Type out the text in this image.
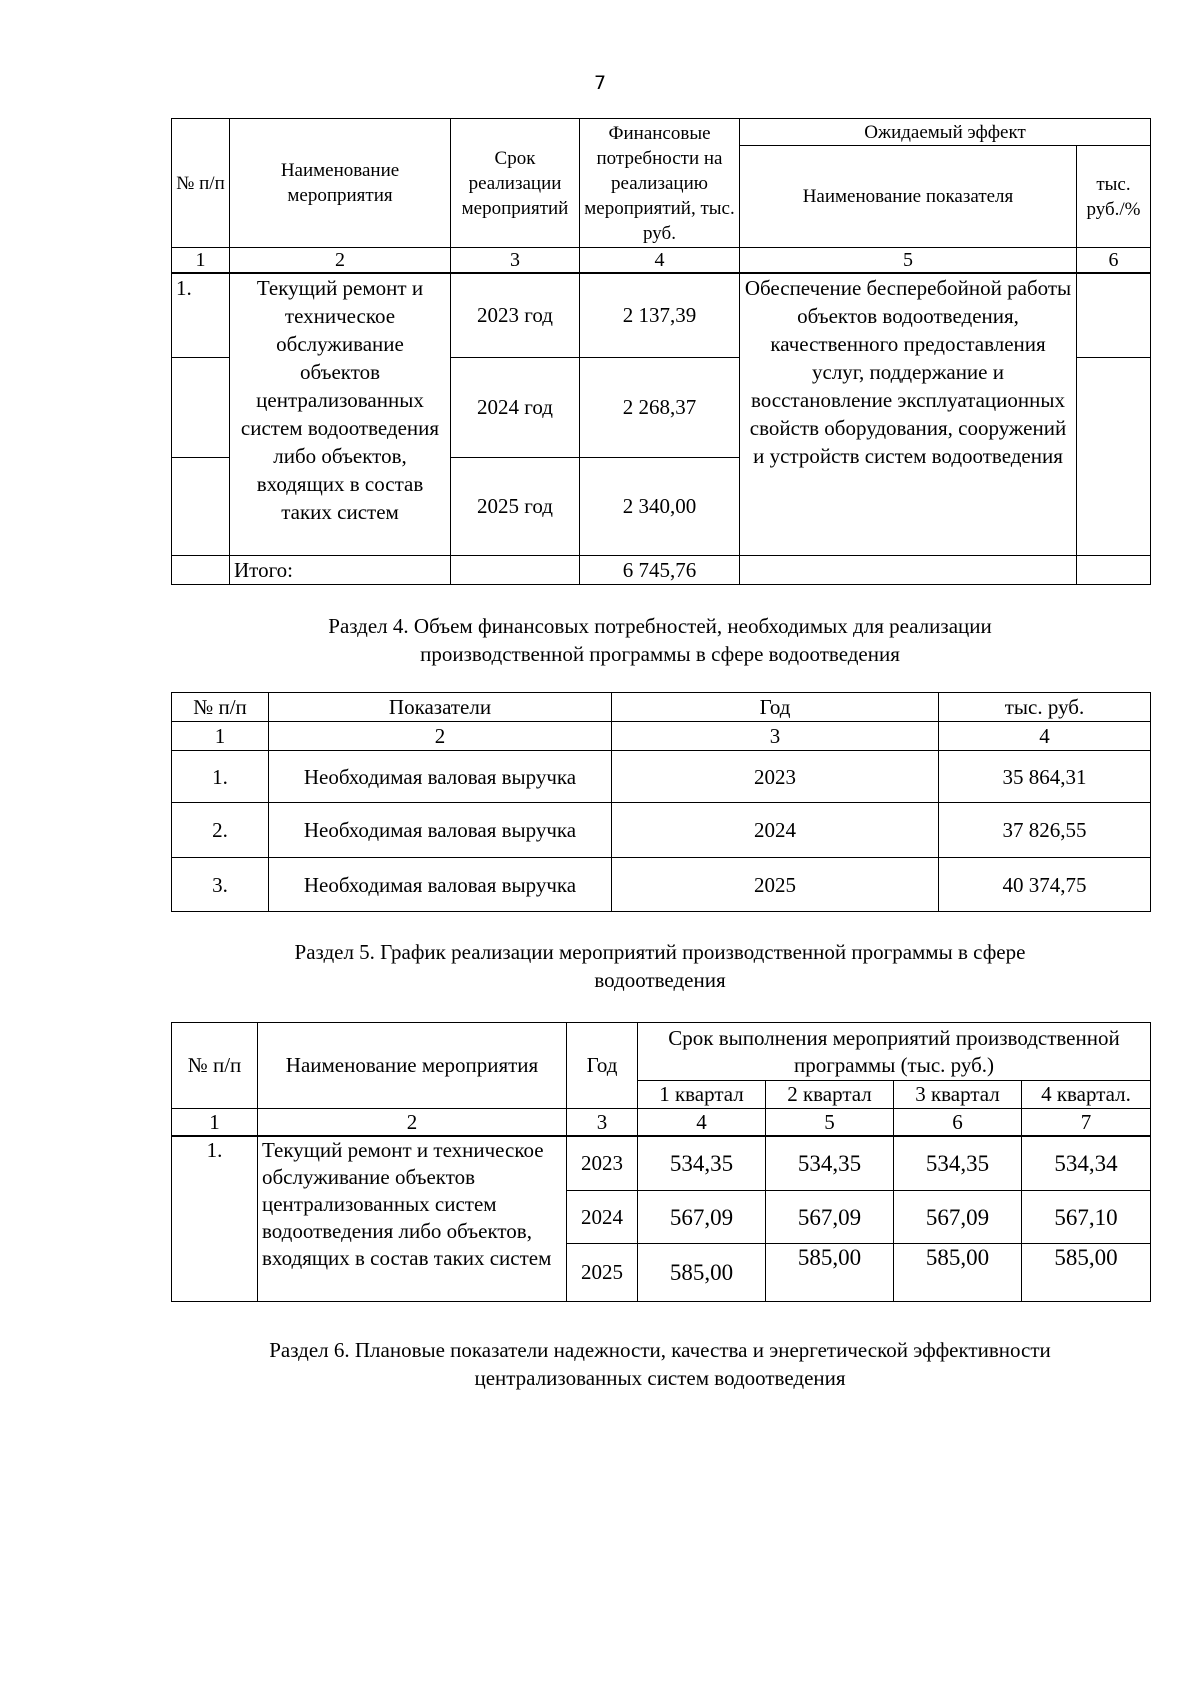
7
№ п/п	Наименование мероприятия	Срок реализации мероприятий	Финансовые потребности на реализацию мероприятий, тыс. руб.	Ожидаемый эффект	
				Наименование показателя	тыс. руб./%
1	2	3	4	5	6
1.	Текущий ремонт и техническое обслуживание объектов централизованных систем водоотведения либо объектов, входящих в состав таких систем	2023 год	2 137,39	Обеспечение бесперебойной работы объектов водоотведения, качественного предоставления услуг, поддержание и восстановление эксплуатационных свойств оборудования, сооружений и устройств систем водоотведения	
		2024 год	2 268,37		
		2025 год	2 340,00		
	Итого:		6 745,76		
Раздел 4. Объем финансовых потребностей, необходимых для реализации
производственной программы в сфере водоотведения
№ п/п	Показатели	Год	тыс. руб.
1	2	3	4
1.	Необходимая валовая выручка	2023	35 864,31
2.	Необходимая валовая выручка	2024	37 826,55
3.	Необходимая валовая выручка	2025	40 374,75
Раздел 5. График реализации мероприятий производственной программы в сфере
водоотведения
№ п/п	Наименование мероприятия	Год	Срок выполнения мероприятий производственной программы (тыс. руб.)			
			1 квартал	2 квартал	3 квартал	4 квартал.
1	2	3	4	5	6	7
1.	Текущий ремонт и техническое обслуживание объектов централизованных систем водоотведения либо объектов, входящих в состав таких систем	2023	534,35	534,35	534,35	534,34
		2024	567,09	567,09	567,09	567,10
		2025	585,00	585,00	585,00	585,00
Раздел 6. Плановые показатели надежности, качества и энергетической эффективности
централизованных систем водоотведения
